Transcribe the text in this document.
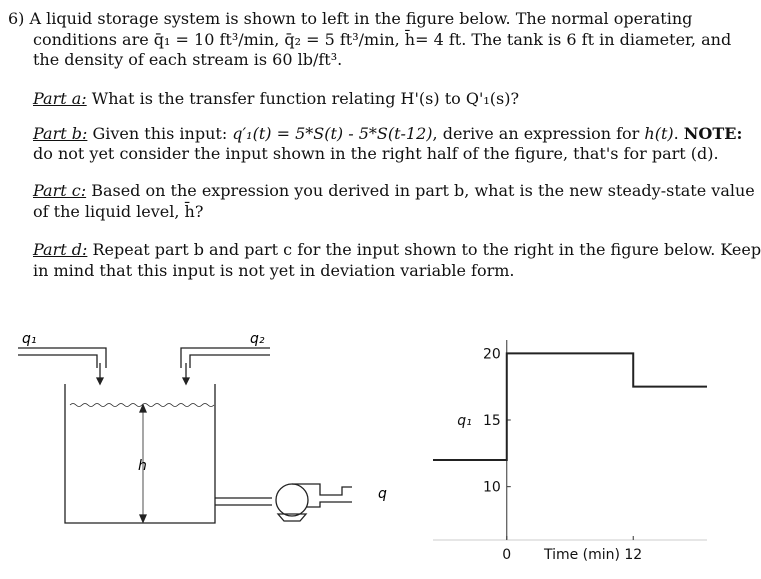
6) A liquid storage system is shown to left in the figure below. The normal operating
conditions are q̄₁ = 10 ft³/min, q̄₂ = 5 ft³/min, h̄= 4 ft. The tank is 6 ft in diameter, and
the density of each stream is 60 lb/ft³.
Part a: What is the transfer function relating H'(s) to Q'₁(s)?
Part b: Given this input: q′₁(t) = 5*S(t) - 5*S(t-12), derive an expression for h(t). NOTE:
do not yet consider the input shown in the right half of the figure, that's for part (d).
Part c: Based on the expression you derived in part b, what is the new steady-state value
of the liquid level, h̄?
Part d: Repeat part b and part c for the input shown to the right in the figure below. Keep
in mind that this input is not yet in deviation variable form.
q₁	q₂
h
q	10
15
20
0	12
q₁
Time (min)
